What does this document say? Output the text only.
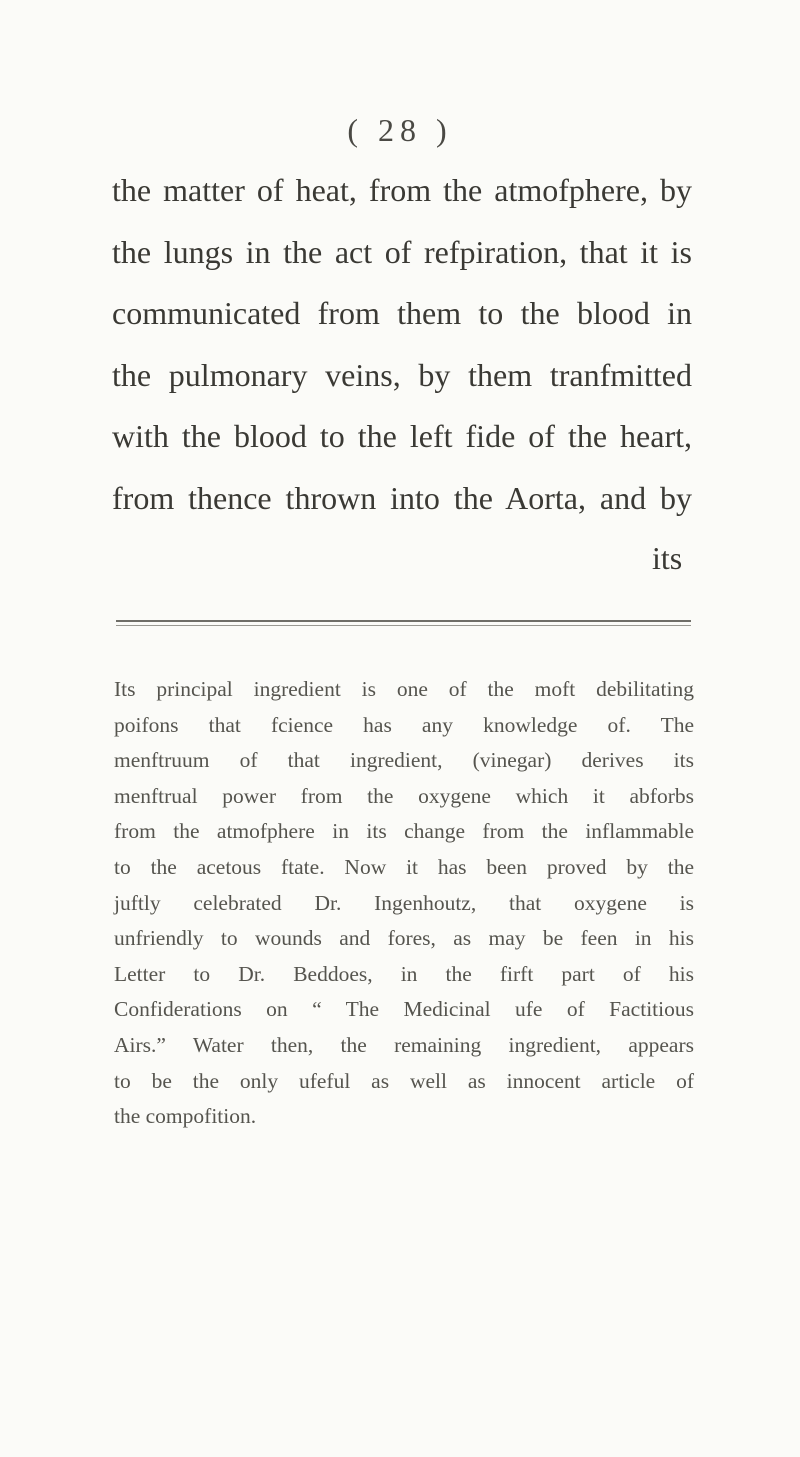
( 28 )
the matter of heat, from the atmofphere, by
the lungs in the act of refpiration, that it is
communicated from them to the blood in
the pulmonary veins, by them tranfmitted
with the blood to the left fide of the heart,
from thence thrown into the Aorta, and by
its
Its principal ingredient is one of the moft debilitating
poifons that fcience has any knowledge of. The
menftruum of that ingredient, (vinegar) derives its
menftrual power from the oxygene which it abforbs
from the atmofphere in its change from the inflammable
to the acetous ftate. Now it has been proved by the
juftly celebrated Dr. Ingenhoutz, that oxygene is
unfriendly to wounds and fores, as may be feen in his
Letter to Dr. Beddoes, in the firft part of his
Confiderations on “ The Medicinal ufe of Factitious
Airs.” Water then, the remaining ingredient, appears
to be the only ufeful as well as innocent article of
the compofition.
